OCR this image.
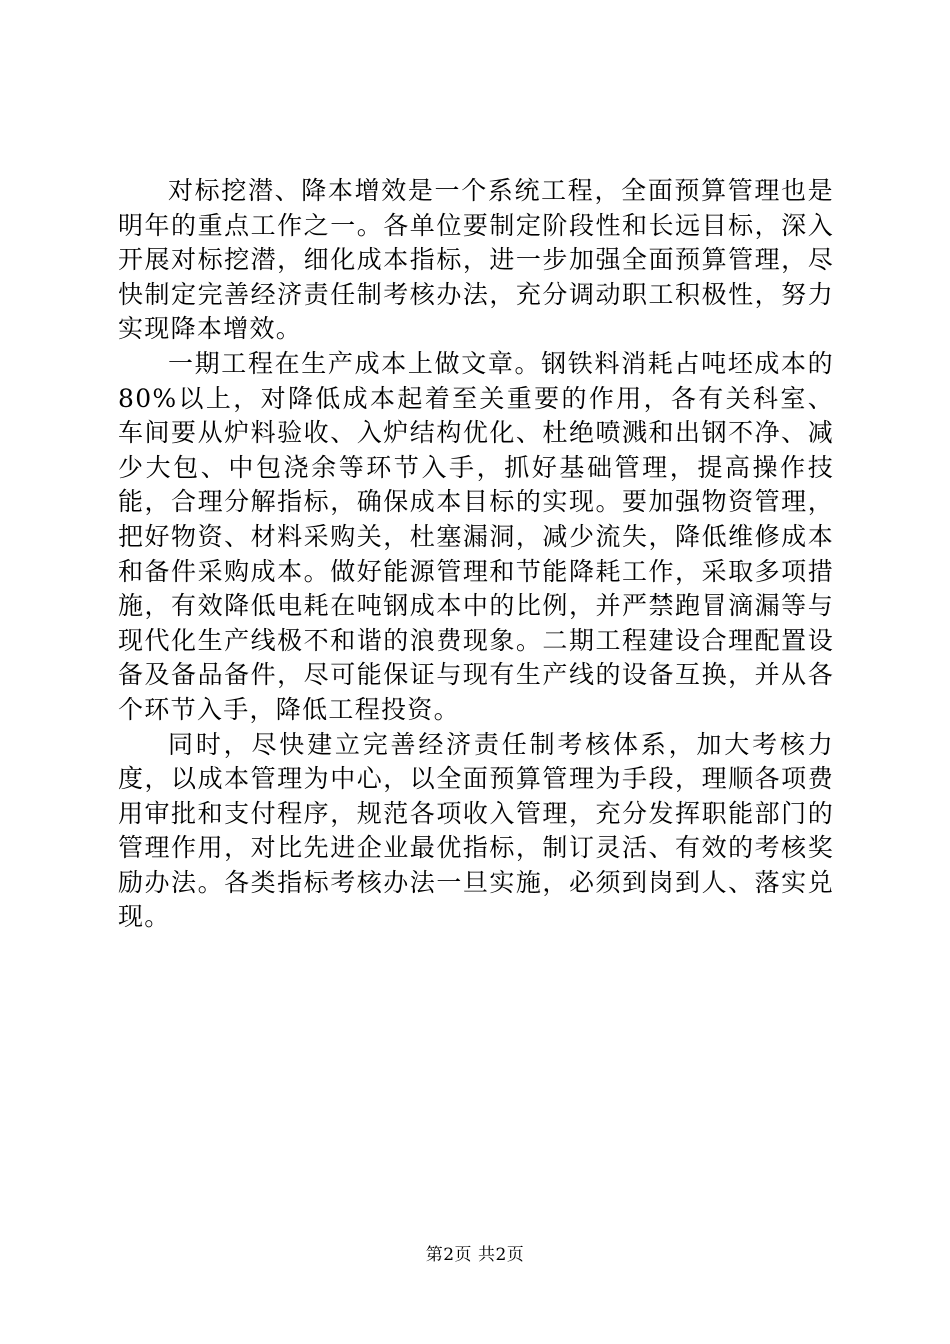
对标挖潜、降本增效是一个系统工程，全面预算管理也是明年的重点工作之一。各单位要制定阶段性和长远目标，深入开展对标挖潜，细化成本指标，进一步加强全面预算管理，尽快制定完善经济责任制考核办法，充分调动职工积极性，努力实现降本增效。

一期工程在生产成本上做文章。钢铁料消耗占吨坯成本的80%以上，对降低成本起着至关重要的作用，各有关科室、车间要从炉料验收、入炉结构优化、杜绝喷溅和出钢不净、减少大包、中包浇余等环节入手，抓好基础管理，提高操作技能，合理分解指标，确保成本目标的实现。要加强物资管理，把好物资、材料采购关，杜塞漏洞，减少流失，降低维修成本和备件采购成本。做好能源管理和节能降耗工作，采取多项措施，有效降低电耗在吨钢成本中的比例，并严禁跑冒滴漏等与现代化生产线极不和谐的浪费现象。二期工程建设合理配置设备及备品备件，尽可能保证与现有生产线的设备互换，并从各个环节入手，降低工程投资。

同时，尽快建立完善经济责任制考核体系，加大考核力度，以成本管理为中心，以全面预算管理为手段，理顺各项费用审批和支付程序，规范各项收入管理，充分发挥职能部门的管理作用，对比先进企业最优指标，制订灵活、有效的考核奖励办法。各类指标考核办法一旦实施，必须到岗到人、落实兑现。

第2页 共2页
